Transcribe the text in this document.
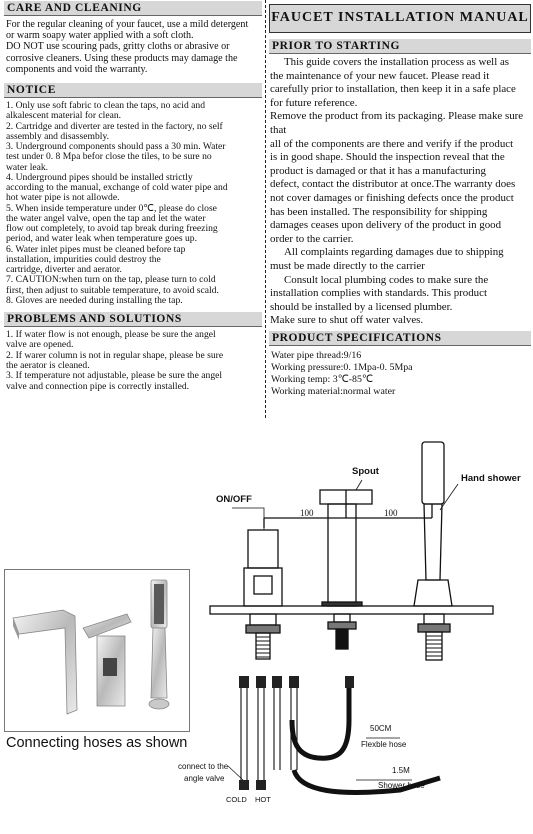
CARE AND CLEANING

For the regular cleaning of your faucet, use a mild detergent

or warm soapy water applied with a soft cloth.

DO NOT use scouring pads, gritty cloths or abrasive or

corrosive cleaners. Using these products may damage the

components and void the warranty.

NOTICE

1. Only use soft fabric to clean the taps, no acid and

alkalescent material for clean.

2. Cartridge and diverter are tested in the factory, no self

assembly and disassembly.

3. Underground components should pass a 30 min. Water

test under 0. 8 Mpa befor close the tiles, to be sure no

water leak.

4. Underground pipes should be installed strictly

according to the manual, exchange of cold water pipe and

hot water pipe is not allowde.

5. When inside temperature under 0℃, please do close

the water angel valve, open the tap and let the water

flow out completely, to avoid tap break during freezing

period, and water leak when temperature goes up.

6. Water inlet pipes must be cleaned before tap

installation, impurities could destroy the

cartridge, diverter and aerator.

7. CAUTION:when turn on the tap, please turn to cold

first, then adjust to suitable temperature, to avoid scald.

8. Gloves are needed during installing the tap.

PROBLEMS AND SOLUTIONS

1. If water flow is not enough, please be sure the angel

valve are opened.

2. If warer column is not in regular shape, please be sure

the aerator is cleaned.

3. If temperature not adjustable, please be sure the angel

valve and connection pipe is correctly installed.

FAUCET INSTALLATION MANUAL
PRIOR TO STARTING

This guide covers the installation process as well as

the maintenance of your new faucet. Please read it

carefully prior to installation, then keep it in a safe place

for future reference.

Remove the product from its packaging. Please make sure that

all of the components are there and verify if the product

is in good shape. Should the inspection reveal that the

product is damaged or that it has a manufacturing

defect, contact the distributor at once.The warranty does

not cover damages or finishing defects once the product

has been installed. The responsibility for shipping

damages ceases upon delivery of the product in good

order to the carrier.

All complaints regarding damages due to shipping

must be made directly to the carrier

Consult local plumbing codes to make sure the

installation complies with standards. This product

should be installed by a licensed plumber.

Make sure to shut off water valves.

PRODUCT SPECIFICATIONS

Water pipe thread:9/16

Working pressure:0. 1Mpa-0. 5Mpa

Working temp: 3℃-85℃

Working material:normal water

Connecting hoses as shown
ON/OFF
Spout
Hand shower
100	100
50CM
Flexble hose
1.5M
Shower hose
connect to the
angle valve
COLD HOT
